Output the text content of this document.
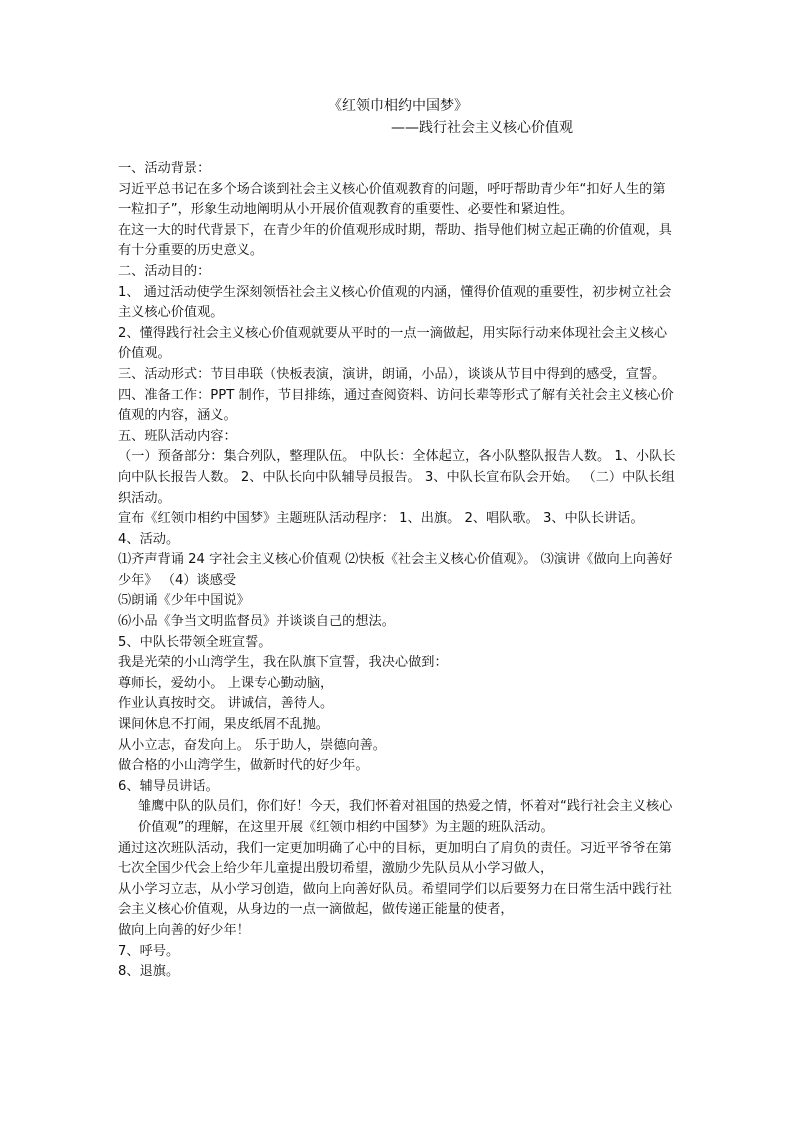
《红领巾相约中国梦》
——践行社会主义核心价值观

一、活动背景：

习近平总书记在多个场合谈到社会主义核心价值观教育的问题，呼吁帮助青少年“扣好人生的第一粒扣子”，形象生动地阐明从小开展价值观教育的重要性、必要性和紧迫性。

在这一大的时代背景下，在青少年的价值观形成时期，帮助、指导他们树立起正确的价值观，具有十分重要的历史意义。

二、活动目的：

1、 通过活动使学生深刻领悟社会主义核心价值观的内涵，懂得价值观的重要性，初步树立社会主义核心价值观。

2、懂得践行社会主义核心价值观就要从平时的一点一滴做起，用实际行动来体现社会主义核心价值观。

三、活动形式：节目串联（快板表演，演讲，朗诵，小品），谈谈从节目中得到的感受，宣誓。

四、准备工作：PPT 制作，节目排练，通过查阅资料、访问长辈等形式了解有关社会主义核心价值观的内容，涵义。

五、班队活动内容：

（一）预备部分：集合列队，整理队伍。 中队长：全体起立，各小队整队报告人数。 1、小队长向中队长报告人数。 2、中队长向中队辅导员报告。 3、中队长宣布队会开始。 （二）中队长组织活动。

宣布《红领巾相约中国梦》主题班队活动程序： 1、出旗。 2、唱队歌。 3、中队长讲话。

4、活动。

⑴齐声背诵 24 字社会主义核心价值观 ⑵快板《社会主义核心价值观》。 ⑶演讲《做向上向善好少年》 （4）谈感受

⑸朗诵《少年中国说》

⑹小品《争当文明监督员》并谈谈自己的想法。

5、中队长带领全班宣誓。

我是光荣的小山湾学生，我在队旗下宣誓，我决心做到：

尊师长，爱幼小。 上课专心勤动脑，

作业认真按时交。 讲诚信，善待人。

课间休息不打闹，果皮纸屑不乱抛。

从小立志，奋发向上。 乐于助人，崇德向善。

做合格的小山湾学生，做新时代的好少年。

6、辅导员讲话。

雏鹰中队的队员们，你们好！今天，我们怀着对祖国的热爱之情，怀着对“践行社会主义核心价值观”的理解，在这里开展《红领巾相约中国梦》为主题的班队活动。

通过这次班队活动，我们一定更加明确了心中的目标，更加明白了肩负的责任。习近平爷爷在第七次全国少代会上给少年儿童提出殷切希望，激励少先队员从小学习做人，

从小学习立志，从小学习创造，做向上向善好队员。希望同学们以后要努力在日常生活中践行社会主义核心价值观，从身边的一点一滴做起，做传递正能量的使者，

做向上向善的好少年！

7、呼号。

8、退旗。
